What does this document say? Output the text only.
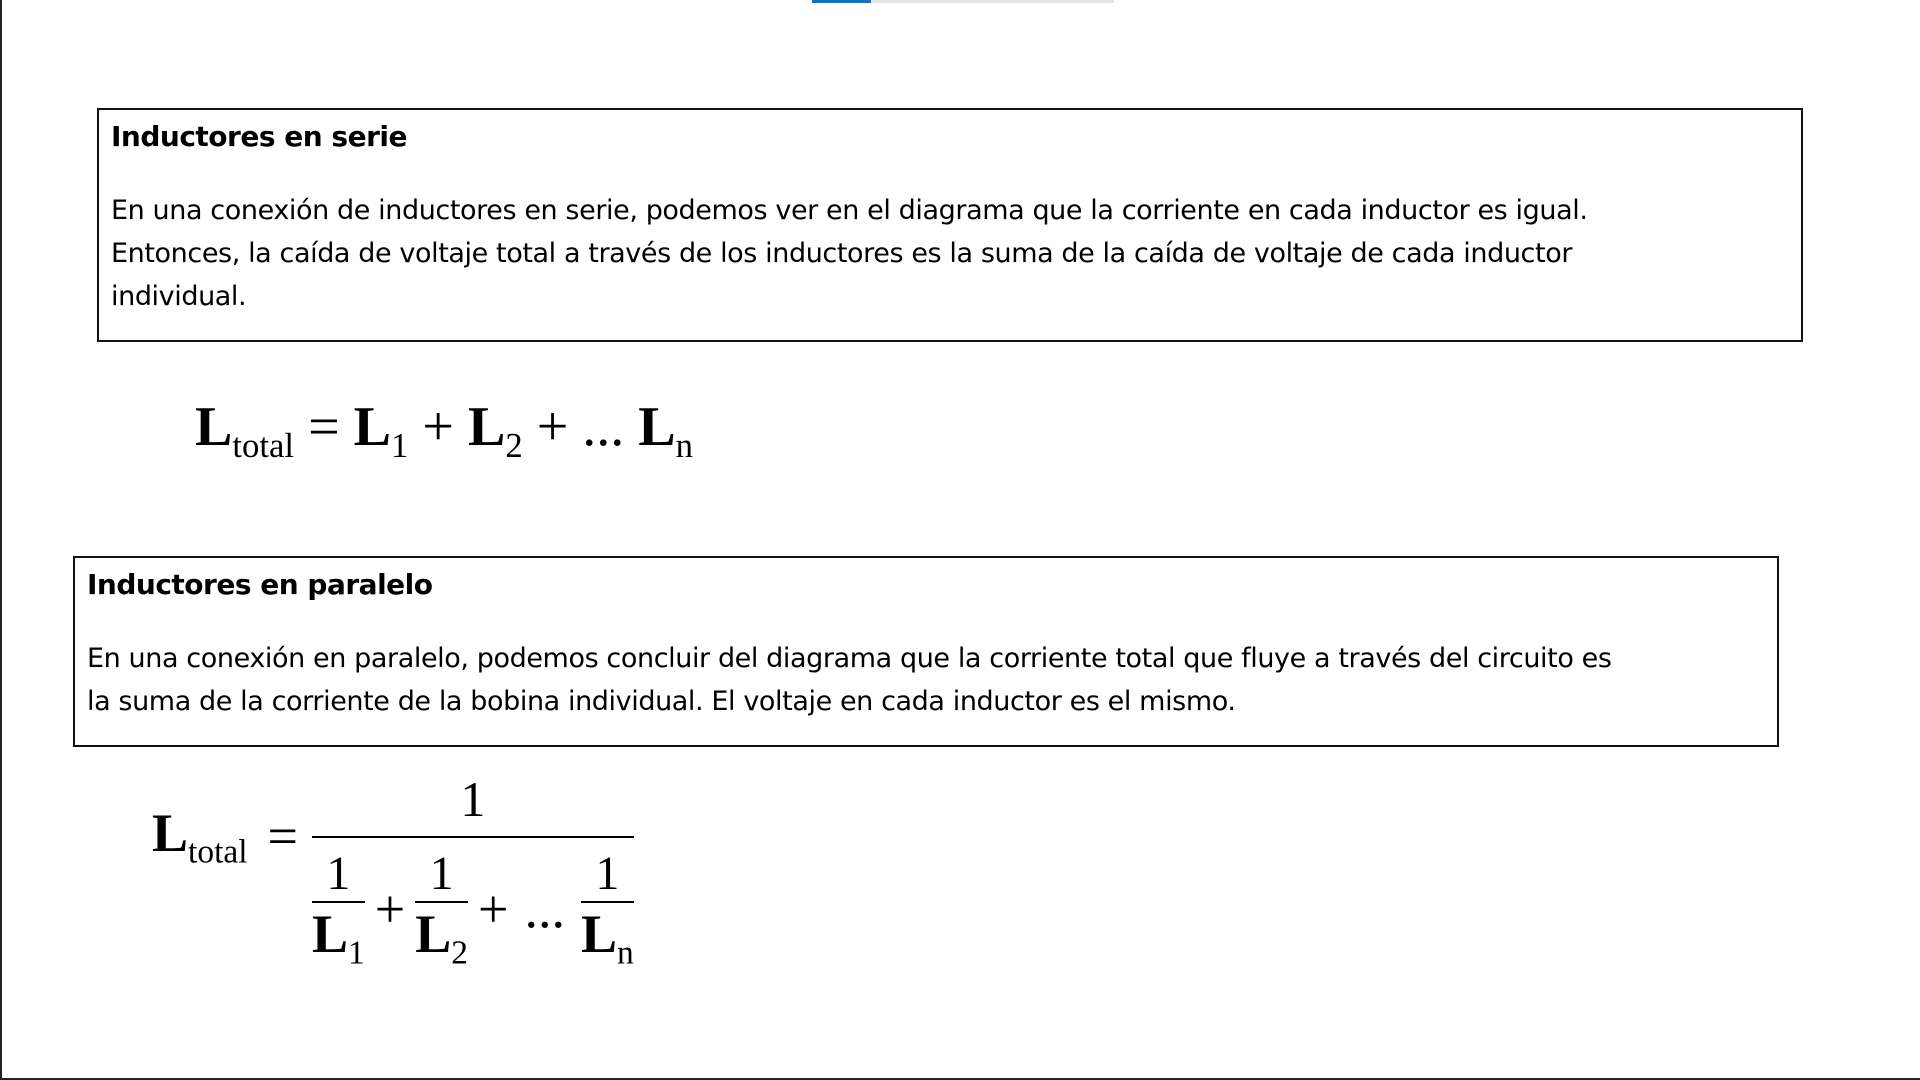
Inductores en serie

En una conexión de inductores en serie, podemos ver en el diagrama que la corriente en cada inductor es igual.
Entonces, la caída de voltaje total a través de los inductores es la suma de la caída de voltaje de cada inductor
individual.

$L_{total} = L_1 + L_2$ + ... $L_n$
Inductores en paralelo

En una conexión en paralelo, podemos concluir del diagrama que la corriente total que fluye a través del circuito es
la suma de la corriente de la bobina individual. El voltaje en cada inductor es el mismo.

$L_{total} = \frac{1}{\frac{1}{L_1} + \frac{1}{L_2} + ... \frac{1}{L_n}}$
